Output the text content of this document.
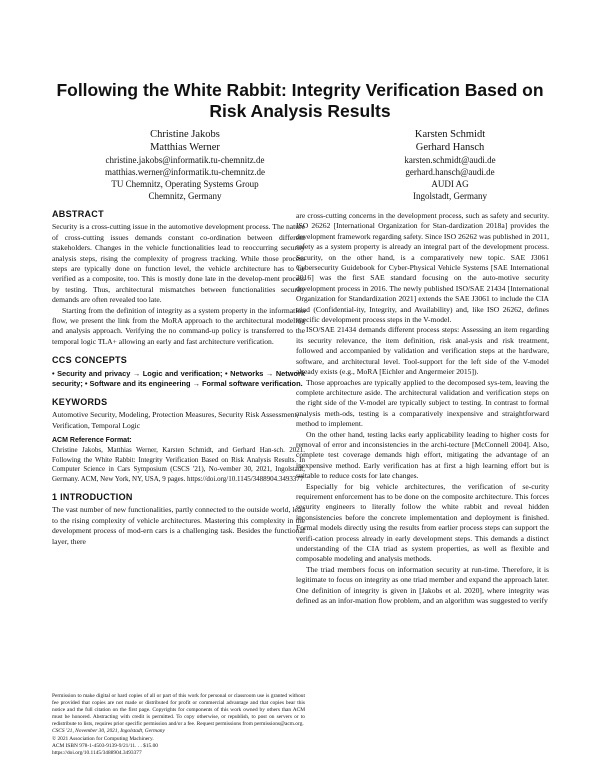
Following the White Rabbit: Integrity Verification Based on Risk Analysis Results
Christine Jakobs
Matthias Werner
christine.jakobs@informatik.tu-chemnitz.de
matthias.werner@informatik.tu-chemnitz.de
TU Chemnitz, Operating Systems Group
Chemnitz, Germany
Karsten Schmidt
Gerhard Hansch
karsten.schmidt@audi.de
gerhard.hansch@audi.de
AUDI AG
Ingolstadt, Germany
ABSTRACT

Security is a cross-cutting issue in the automotive development process. The nature of cross-cutting issues demands constant co-ordination between different stakeholders. Changes in the vehicle functionalities lead to reoccurring security analysis steps, rising the complexity of progress tracking. While those process steps are typically done on function level, the vehicle architecture has to be verified as a composite, too. This is mostly done late in the develop-ment process by testing. Thus, architectural mismatches between functionalities security demands are often revealed too late.

Starting from the definition of integrity as a system property in the information flow, we present the link from the MoRA approach to the architectural modeling and analysis approach. Verifying the no command-up policy is transferred to the temporal logic TLA+ allowing an early and fast architecture verification.

CCS CONCEPTS

• Security and privacy → Logic and verification; • Networks → Network security; • Software and its engineering → Formal software verification.

KEYWORDS

Automotive Security, Modeling, Protection Measures, Security Risk Assessment, Verification, Temporal Logic

ACM Reference Format:

Christine Jakobs, Matthias Werner, Karsten Schmidt, and Gerhard Han-sch. 2021. Following the White Rabbit: Integrity Verification Based on Risk Analysis Results. In Computer Science in Cars Symposium (CSCS '21), No-vember 30, 2021, Ingolstadt, Germany. ACM, New York, NY, USA, 9 pages. https://doi.org/10.1145/3488904.3493377

1 INTRODUCTION

The vast number of new functionalities, partly connected to the outside world, lead to the rising complexity of vehicle architectures. Mastering this complexity in the development process of mod-ern cars is a challenging task. Besides the functional layer, there

Permission to make digital or hard copies of all or part of this work for personal or classroom use is granted without fee provided that copies are not made or distributed for profit or commercial advantage and that copies bear this notice and the full citation on the first page. Copyrights for components of this work owned by others than ACM must be honored. Abstracting with credit is permitted. To copy otherwise, or republish, to post on servers or to redistribute to lists, requires prior specific permission and/or a fee. Request permissions from permissions@acm.org.

CSCS '21, November 30, 2021, Ingolstadt, Germany

© 2021 Association for Computing Machinery.

ACM ISBN 978-1-4503-9139-9/21/11. . . $15.00

https://doi.org/10.1145/3488904.3493377

are cross-cutting concerns in the development process, such as safety and security. ISO 26262 [International Organization for Stan-dardization 2018a] provides the development framework regarding safety. Since ISO 26262 was published in 2011, safety as a system property is already an integral part of the development process. Security, on the other hand, is a comparatively new topic. SAE J3061 Cybersecurity Guidebook for Cyber-Physical Vehicle Systems [SAE International 2016] was the first SAE standard focusing on the auto-motive security development process in 2016. The newly published ISO/SAE 21434 [International Organization for Standardization 2021] extends the SAE J3061 to include the CIA triad (Confidential-ity, Integrity, and Availability) and, like ISO 26262, defines specific development process steps in the V-model.

ISO/SAE 21434 demands different process steps: Assessing an item regarding its security relevance, the item definition, risk anal-ysis and risk treatment, followed and accompanied by validation and verification steps at the hardware, software, and architectural level. Tool-support for the left side of the V-model already exists (e.g., MoRA [Eichler and Angermeier 2015]).

Those approaches are typically applied to the decomposed sys-tem, leaving the complete architecture aside. The architectural validation and verification steps on the right side of the V-model are typically subject to testing. In contrast to formal analysis meth-ods, testing is a comparatively inexpensive and straightforward method to implement.

On the other hand, testing lacks early applicability leading to higher costs for removal of error and inconsistencies in the archi-tecture [McConnell 2004]. Also, complete test coverage demands high effort, mitigating the advantage of an inexpensive method. Early verification has at first a high learning effort but is suitable to reduce costs for late changes.

Especially for big vehicle architectures, the verification of se-curity requirement enforcement has to be done on the composite architecture. This forces security engineers to literally follow the white rabbit and reveal hidden inconsistencies before the concrete implementation and deployment is finished. Formal models directly using the results from earlier process steps can support the verifi-cation process already in early development steps. This demands a distinct understanding of the CIA triad as system properties, as well as flexible and composable modeling and analysis methods.

The triad members focus on information security at run-time. Therefore, it is legitimate to focus on integrity as one triad member and expand the approach later. One definition of integrity is given in [Jakobs et al. 2020], where integrity was defined as an infor-mation flow problem, and an algorithm was suggested to verify
